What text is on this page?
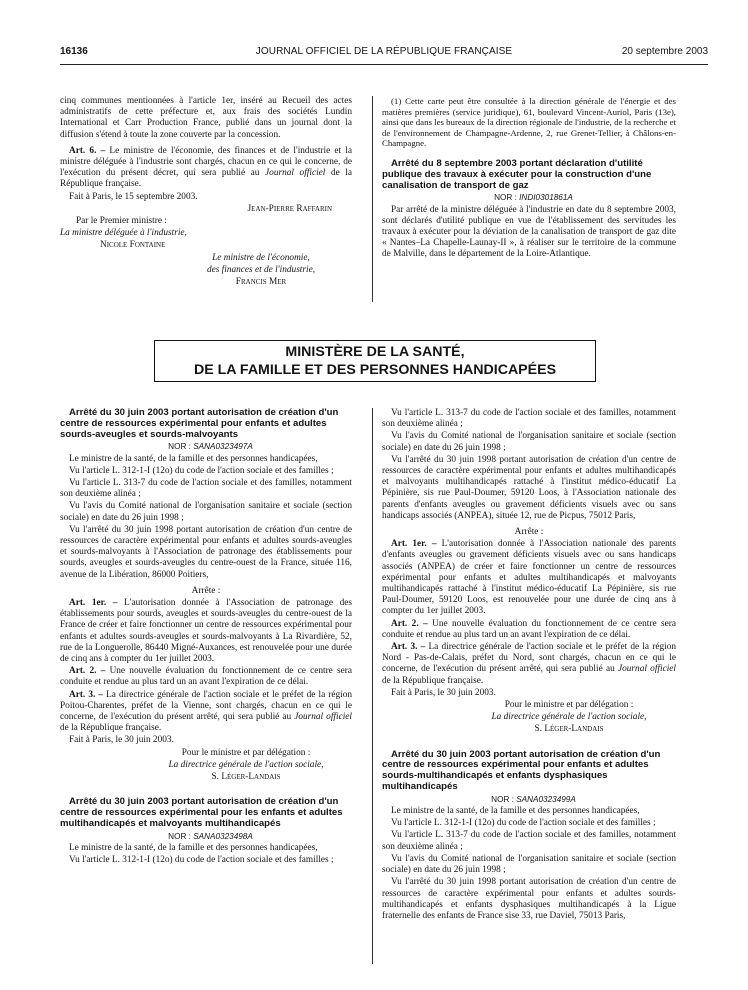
16136	JOURNAL OFFICIEL DE LA RÉPUBLIQUE FRANÇAISE	20 septembre 2003

cinq communes mentionnées à l'article 1er, inséré au Recueil des actes administratifs de cette préfecture et, aux frais des sociétés Lundin International et Carr Production France, publié dans un journal dont la diffusion s'étend à toute la zone couverte par la concession.

Art. 6. – Le ministre de l'économie, des finances et de l'industrie et la ministre déléguée à l'industrie sont chargés, chacun en ce qui le concerne, de l'exécution du présent décret, qui sera publié au Journal officiel de la République française.

Fait à Paris, le 15 septembre 2003.

Jean-Pierre Raffarin

Par le Premier ministre :

La ministre déléguée à l'industrie,

Nicole Fontaine

Le ministre de l'économie,

des finances et de l'industrie,

Francis Mer

(1) Cette carte peut être consultée à la direction générale de l'énergie et des matières premières (service juridique), 61, boulevard Vincent-Auriol, Paris (13e), ainsi que dans les bureaux de la direction régionale de l'industrie, de la recherche et de l'environnement de Champagne-Ardenne, 2, rue Grenet-Tellier, à Châlons-en-Champagne.

Arrêté du 8 septembre 2003 portant déclaration d'utilité publique des travaux à exécuter pour la construction d'une canalisation de transport de gaz

NOR : INDI0301861A

Par arrêté de la ministre déléguée à l'industrie en date du 8 septembre 2003, sont déclarés d'utilité publique en vue de l'établissement des servitudes les travaux à exécuter pour la déviation de la canalisation de transport de gaz dite « Nantes–La Chapelle-Launay-II », à réaliser sur le territoire de la commune de Malville, dans le département de la Loire-Atlantique.

MINISTÈRE DE LA SANTÉ,
DE LA FAMILLE ET DES PERSONNES HANDICAPÉES

Arrêté du 30 juin 2003 portant autorisation de création d'un centre de ressources expérimental pour enfants et adultes sourds-aveugles et sourds-malvoyants

NOR : SANA0323497A

Le ministre de la santé, de la famille et des personnes handicapées,

Vu l'article L. 312-1-I (12o) du code de l'action sociale et des familles ;

Vu l'article L. 313-7 du code de l'action sociale et des familles, notamment son deuxième alinéa ;

Vu l'avis du Comité national de l'organisation sanitaire et sociale (section sociale) en date du 26 juin 1998 ;

Vu l'arrêté du 30 juin 1998 portant autorisation de création d'un centre de ressources de caractère expérimental pour enfants et adultes sourds-aveugles et sourds-malvoyants à l'Association de patronage des établissements pour sourds, aveugles et sourds-aveugles du centre-ouest de la France, située 116, avenue de la Libération, 86000 Poitiers,

Arrête :

Art. 1er. – L'autorisation donnée à l'Association de patronage des établissements pour sourds, aveugles et sourds-aveugles du centre-ouest de la France de créer et faire fonctionner un centre de ressources expérimental pour enfants et adultes sourds-aveugles et sourds-malvoyants à La Rivardière, 52, rue de la Longuerolle, 86440 Migné-Auxances, est renouvelée pour une durée de cinq ans à compter du 1er juillet 2003.

Art. 2. – Une nouvelle évaluation du fonctionnement de ce centre sera conduite et rendue au plus tard un an avant l'expiration de ce délai.

Art. 3. – La directrice générale de l'action sociale et le préfet de la région Poitou-Charentes, préfet de la Vienne, sont chargés, chacun en ce qui le concerne, de l'exécution du présent arrêté, qui sera publié au Journal officiel de la République française.

Fait à Paris, le 30 juin 2003.

Pour le ministre et par délégation :

La directrice générale de l'action sociale,

S. Léger-Landais

Arrêté du 30 juin 2003 portant autorisation de création d'un centre de ressources expérimental pour les enfants et adultes multihandicapés et malvoyants multihandicapés

NOR : SANA0323498A

Le ministre de la santé, de la famille et des personnes handicapées,

Vu l'article L. 312-1-I (12o) du code de l'action sociale et des familles ;

Vu l'article L. 313-7 du code de l'action sociale et des familles, notamment son deuxième alinéa ;

Vu l'avis du Comité national de l'organisation sanitaire et sociale (section sociale) en date du 26 juin 1998 ;

Vu l'arrêté du 30 juin 1998 portant autorisation de création d'un centre de ressources de caractère expérimental pour enfants et adultes multihandicapés et malvoyants multihandicapés rattaché à l'institut médico-éducatif La Pépinière, sis rue Paul-Doumer, 59120 Loos, à l'Association nationale des parents d'enfants aveugles ou gravement déficients visuels avec ou sans handicaps associés (ANPEA), située 12, rue de Picpus, 75012 Paris,

Arrête :

Art. 1er. – L'autorisation donnée à l'Association nationale des parents d'enfants aveugles ou gravement déficients visuels avec ou sans handicaps associés (ANPEA) de créer et faire fonctionner un centre de ressources expérimental pour enfants et adultes multihandicapés et malvoyants multihandicapés rattaché à l'institut médico-éducatif La Pépinière, sis rue Paul-Doumer, 59120 Loos, est renouvelée pour une durée de cinq ans à compter du 1er juillet 2003.

Art. 2. – Une nouvelle évaluation du fonctionnement de ce centre sera conduite et rendue au plus tard un an avant l'expiration de ce délai.

Art. 3. – La directrice générale de l'action sociale et le préfet de la région Nord - Pas-de-Calais, préfet du Nord, sont chargés, chacun en ce qui le concerne, de l'exécution du présent arrêté, qui sera publié au Journal officiel de la République française.

Fait à Paris, le 30 juin 2003.

Pour le ministre et par délégation :

La directrice générale de l'action sociale,

S. Léger-Landais

Arrêté du 30 juin 2003 portant autorisation de création d'un centre de ressources expérimental pour enfants et adultes sourds-multihandicapés et enfants dysphasiques multihandicapés

NOR : SANA0323499A

Le ministre de la santé, de la famille et des personnes handicapées,

Vu l'article L. 312-1-I (12o) du code de l'action sociale et des familles ;

Vu l'article L. 313-7 du code de l'action sociale et des familles, notamment son deuxième alinéa ;

Vu l'avis du Comité national de l'organisation sanitaire et sociale (section sociale) en date du 26 juin 1998 ;

Vu l'arrêté du 30 juin 1998 portant autorisation de création d'un centre de ressources de caractère expérimental pour enfants et adultes sourds-multihandicapés et enfants dysphasiques multihandicapés à la Ligue fraternelle des enfants de France sise 33, rue Daviel, 75013 Paris,
